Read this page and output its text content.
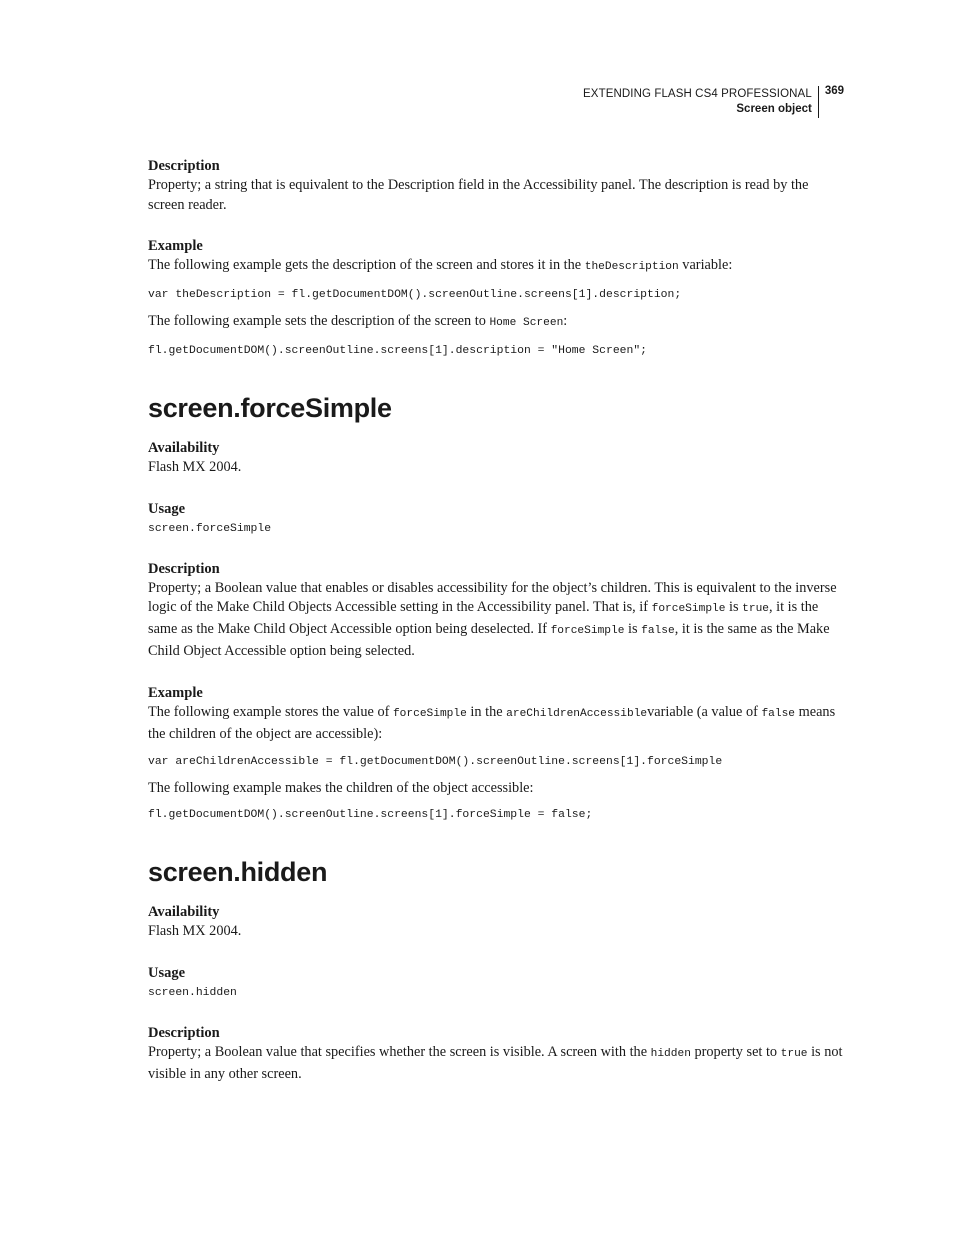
EXTENDING FLASH CS4 PROFESSIONAL
Screen object
369
Description

Property; a string that is equivalent to the Description field in the Accessibility panel. The description is read by the screen reader.

Example

The following example gets the description of the screen and stores it in the theDescription variable:

var theDescription = fl.getDocumentDOM().screenOutline.screens[1].description;

The following example sets the description of the screen to Home Screen:

fl.getDocumentDOM().screenOutline.screens[1].description = "Home Screen";
screen.forceSimple
Availability

Flash MX 2004.

Usage
screen.forceSimple
Description

Property; a Boolean value that enables or disables accessibility for the object’s children. This is equivalent to the inverse logic of the Make Child Objects Accessible setting in the Accessibility panel. That is, if forceSimple is true, it is the same as the Make Child Object Accessible option being deselected. If forceSimple is false, it is the same as the Make Child Object Accessible option being selected.

Example

The following example stores the value of forceSimple in the areChildrenAccessiblevariable (a value of false means the children of the object are accessible):

var areChildrenAccessible = fl.getDocumentDOM().screenOutline.screens[1].forceSimple

The following example makes the children of the object accessible:

fl.getDocumentDOM().screenOutline.screens[1].forceSimple = false;
screen.hidden
Availability

Flash MX 2004.

Usage
screen.hidden
Description

Property; a Boolean value that specifies whether the screen is visible. A screen with the hidden property set to true is not visible in any other screen.
